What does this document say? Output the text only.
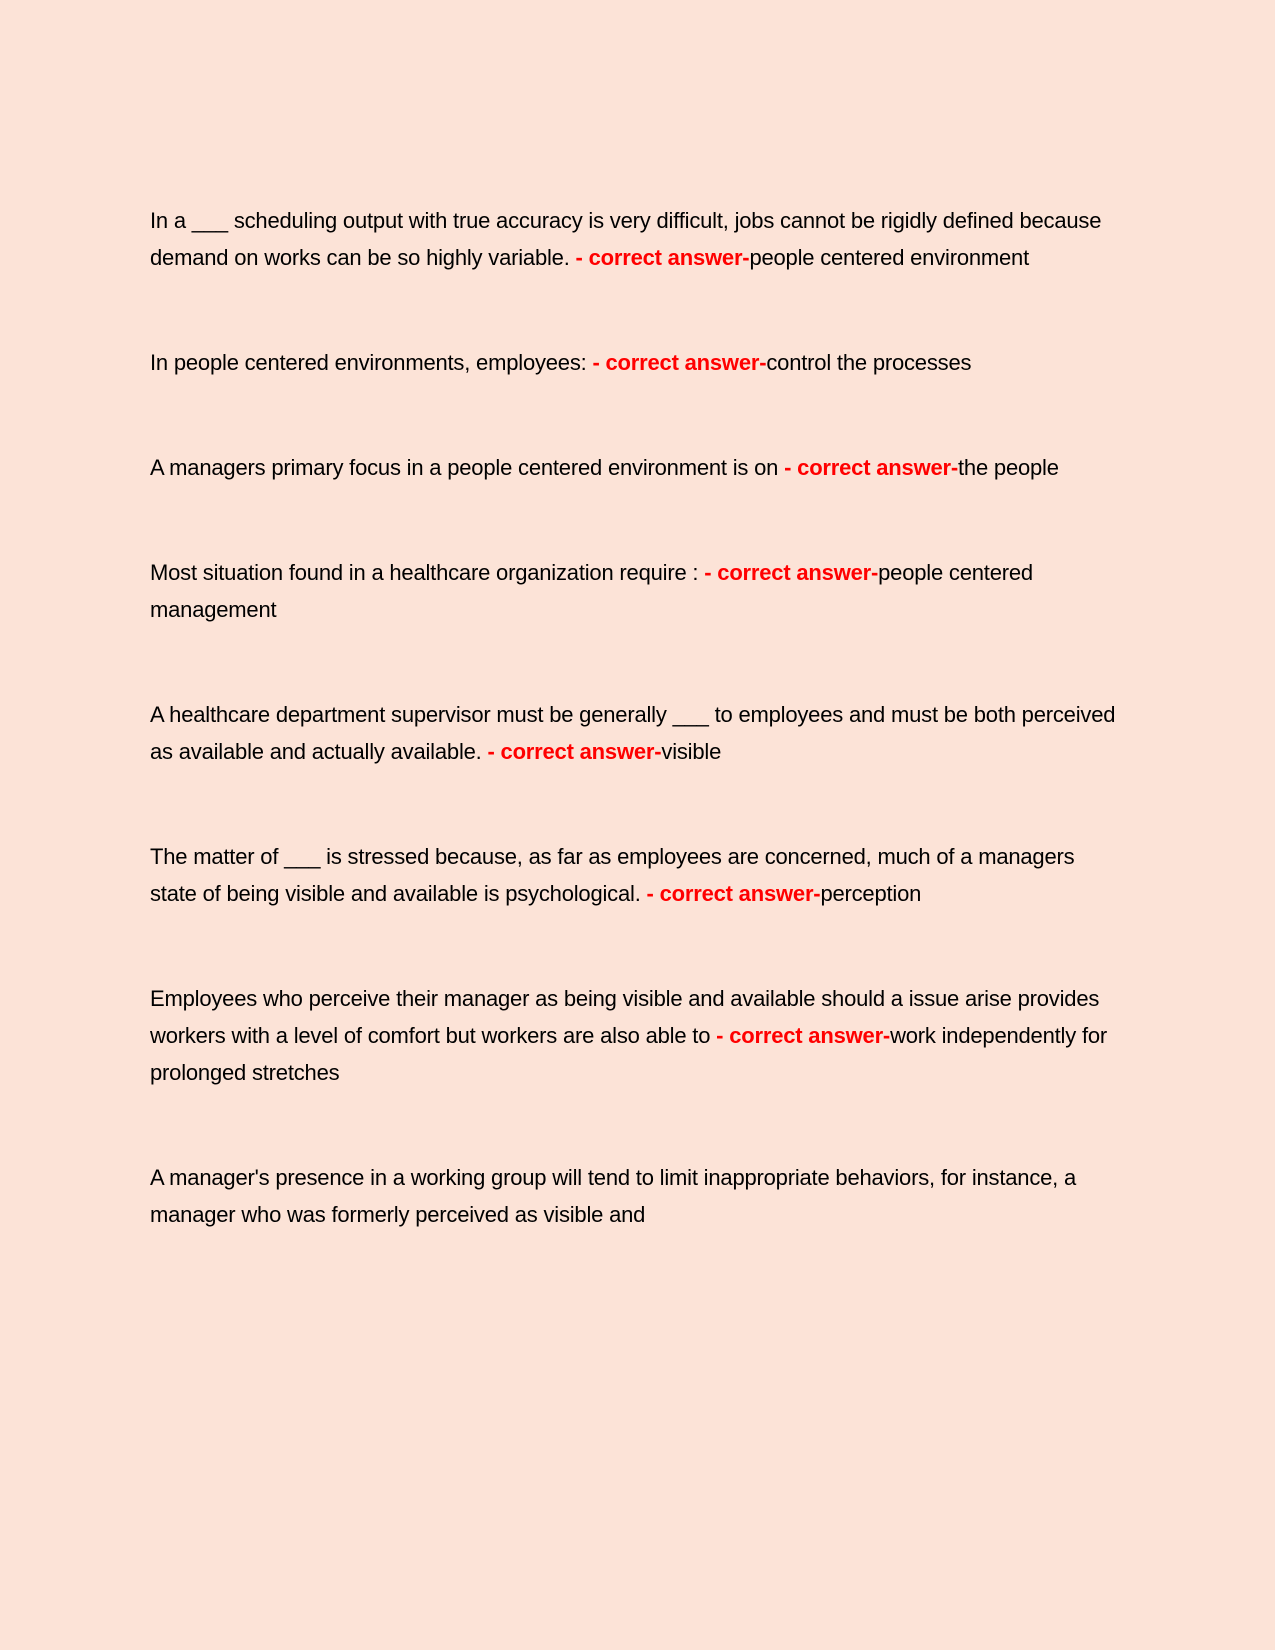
In a ___ scheduling output with true accuracy is very difficult, jobs cannot be rigidly defined because demand on works can be so highly variable. - correct answer-people centered environment

In people centered environments, employees: - correct answer-control the processes

A managers primary focus in a people centered environment is on - correct answer-the people

Most situation found in a healthcare organization require : - correct answer-people centered management

A healthcare department supervisor must be generally ___ to employees and must be both perceived as available and actually available. - correct answer-visible

The matter of ___ is stressed because, as far as employees are concerned, much of a managers state of being visible and available is psychological. - correct answer-perception

Employees who perceive their manager as being visible and available should a issue arise provides workers with a level of comfort but workers are also able to - correct answer-work independently for prolonged stretches

A manager's presence in a working group will tend to limit inappropriate behaviors, for instance, a manager who was formerly perceived as visible and
